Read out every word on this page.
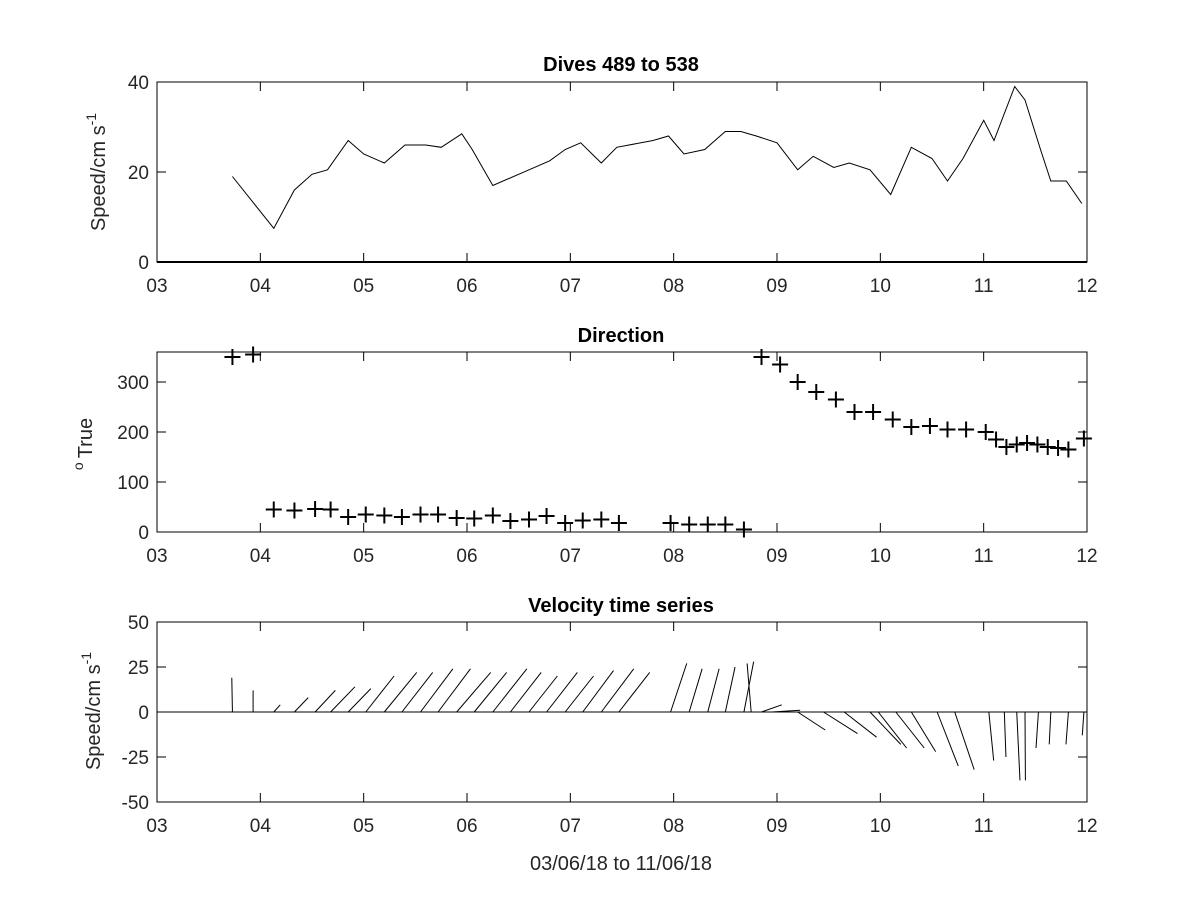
Dives 489 to 538
Speed/cm $s^{-1}$
03	04	05	06	07	08	09	10	11	12
0
20
40
Direction
$^o$True
03	04	05	06	07	08	09	10	11	12
0
100
200
300
Velocity time series
Speed/cm $s^{-1}$
03/06/18 to 11/06/18
03	04	05	06	07	08	09	10	11	12
50
25
0
-25
-50
